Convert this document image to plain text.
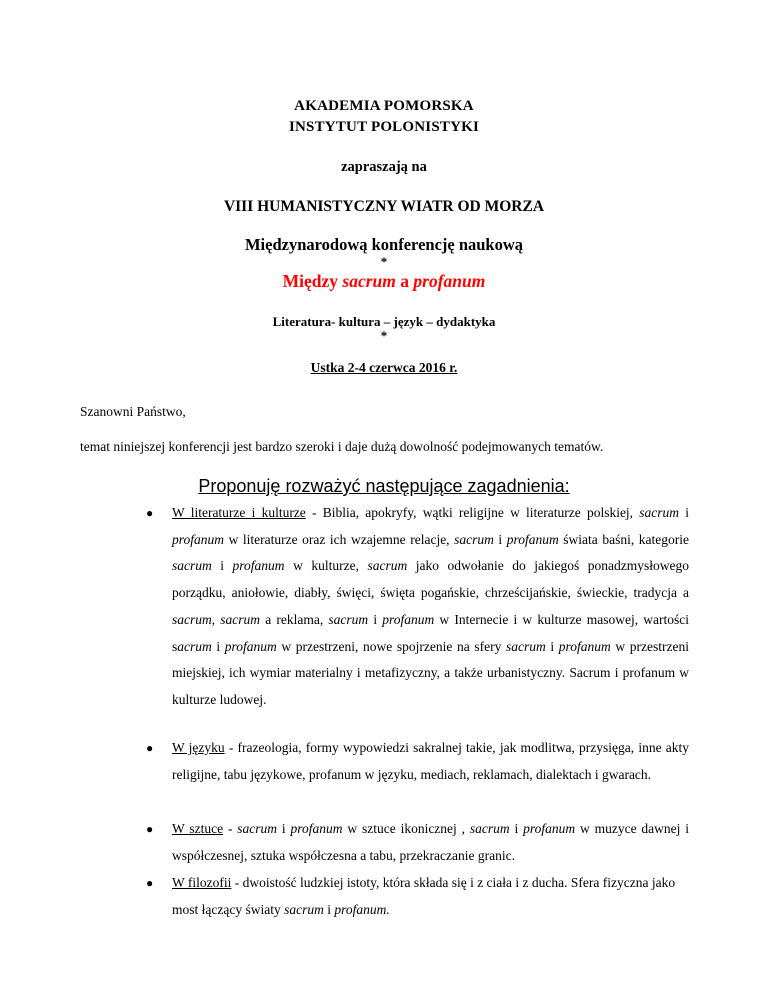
AKADEMIA POMORSKA
INSTYTUT POLONISTYKI
zapraszają na
VIII HUMANISTYCZNY WIATR OD MORZA
Międzynarodową konferencję naukową
*
Między sacrum a profanum
Literatura- kultura – język – dydaktyka
*
Ustka 2-4 czerwca 2016 r.
Szanowni Państwo,
temat niniejszej konferencji jest bardzo szeroki i daje dużą dowolność podejmowanych tematów.
Proponuję rozważyć następujące zagadnienia:
● W literaturze i kulturze - Biblia, apokryfy, wątki religijne w literaturze polskiej, sacrum i profanum w literaturze oraz ich wzajemne relacje, sacrum i profanum świata baśni, kategorie sacrum i profanum w kulturze, sacrum jako odwołanie do jakiegoś ponadzmysłowego porządku, aniołowie, diabły, święci, święta pogańskie, chrześcijańskie, świeckie, tradycja a sacrum, sacrum a reklama, sacrum i profanum w Internecie i w kulturze masowej, wartości sacrum i profanum w przestrzeni, nowe spojrzenie na sfery sacrum i profanum w przestrzeni miejskiej, ich wymiar materialny i metafizyczny, a także urbanistyczny. Sacrum i profanum w kulturze ludowej.
● W języku - frazeologia, formy wypowiedzi sakralnej takie, jak modlitwa, przysięga, inne akty religijne, tabu językowe, profanum w języku, mediach, reklamach, dialektach i gwarach.
● W sztuce - sacrum i profanum w sztuce ikonicznej , sacrum i profanum w muzyce dawnej i współczesnej, sztuka współczesna a tabu, przekraczanie granic.
● W filozofii - dwoistość ludzkiej istoty, która składa się i z ciała i z ducha. Sfera fizyczna jako most łączący światy sacrum i profanum.
